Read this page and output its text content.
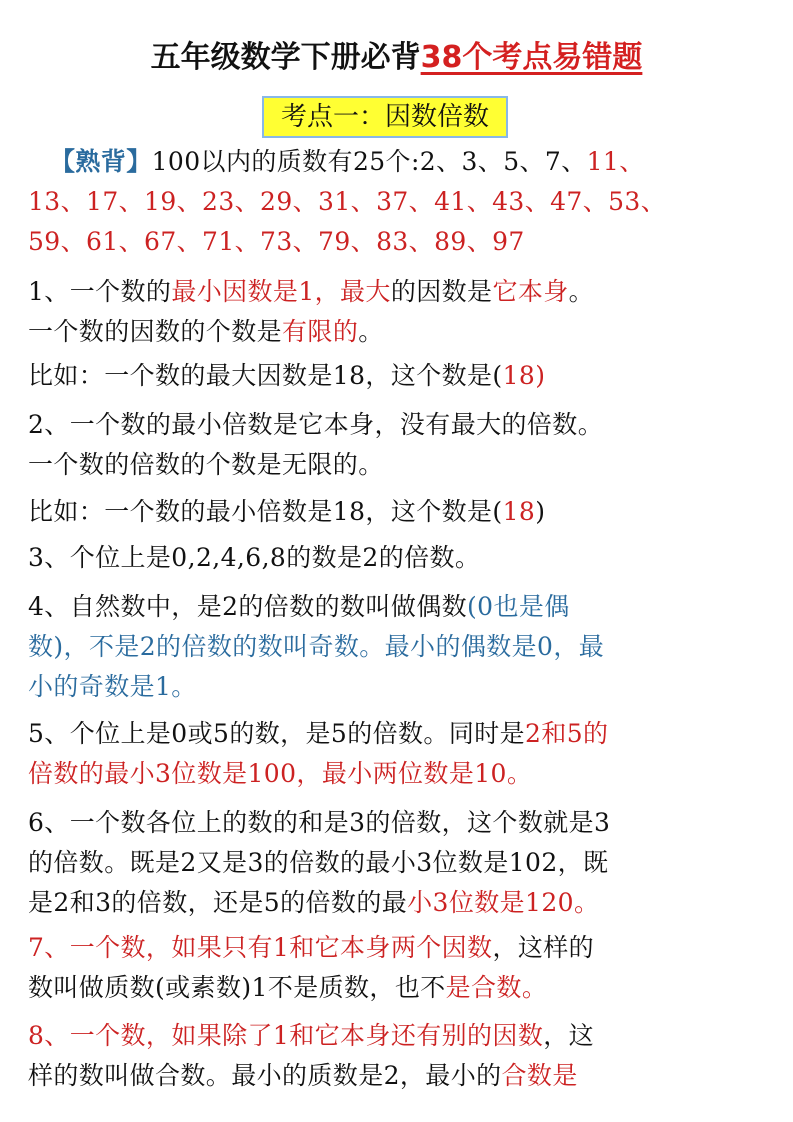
五年级数学下册必背38个考点易错题
考点一：因数倍数
【熟背】100以内的质数有25个:2、3、5、7、11、
13、17、19、23、29、31、37、41、43、47、53、
59、61、67、71、73、79、83、89、97
1、一个数的最小因数是1，最大的因数是它本身。
一个数的因数的个数是有限的。
比如：一个数的最大因数是18，这个数是(18)
2、一个数的最小倍数是它本身，没有最大的倍数。
一个数的倍数的个数是无限的。
比如：一个数的最小倍数是18，这个数是(18)
3、个位上是0,2,4,6,8的数是2的倍数。
4、自然数中，是2的倍数的数叫做偶数(0也是偶
数)，不是2的倍数的数叫奇数。最小的偶数是0，最
小的奇数是1。
5、个位上是0或5的数，是5的倍数。同时是2和5的
倍数的最小3位数是100，最小两位数是10。
6、一个数各位上的数的和是3的倍数，这个数就是3
的倍数。既是2又是3的倍数的最小3位数是102，既
是2和3的倍数，还是5的倍数的最小3位数是120。
7、一个数，如果只有1和它本身两个因数，这样的
数叫做质数(或素数)1不是质数，也不是合数。
8、一个数，如果除了1和它本身还有别的因数，这
样的数叫做合数。最小的质数是2，最小的合数是
